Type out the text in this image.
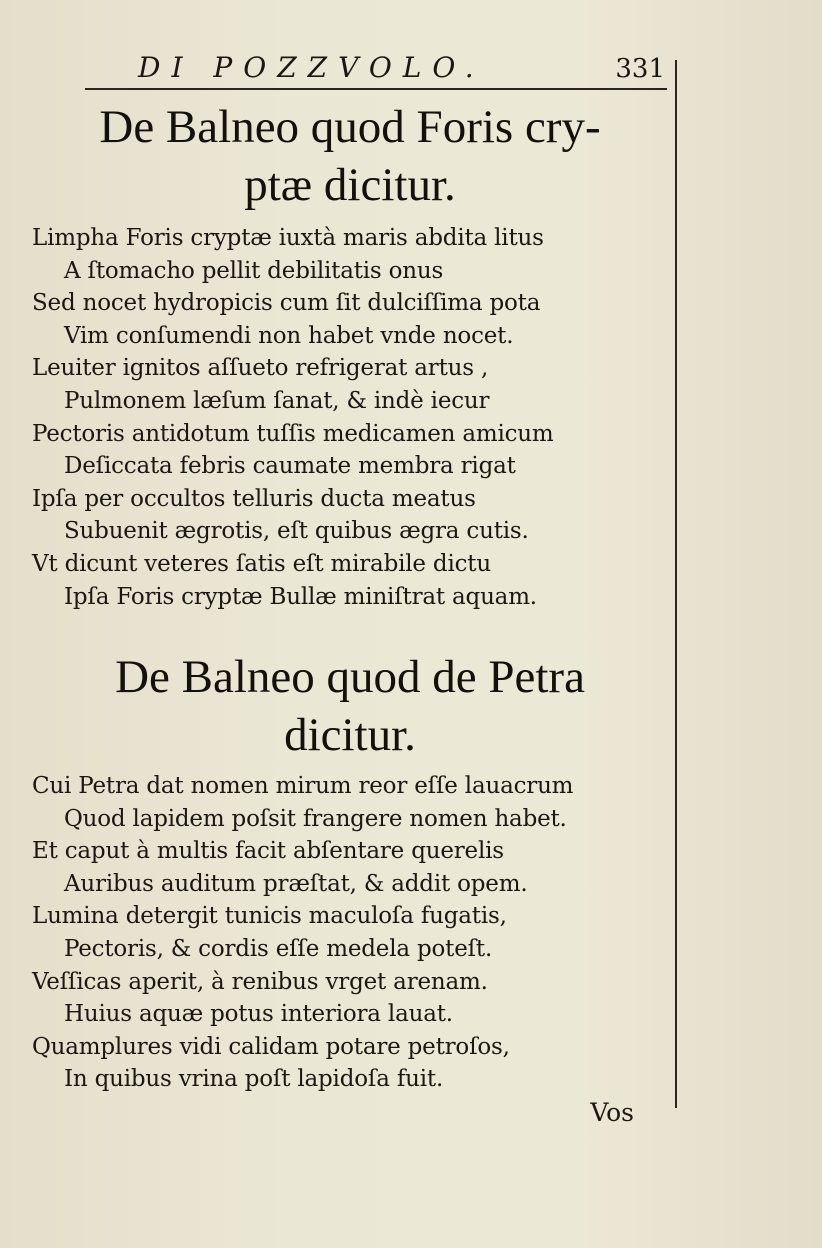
DI POZZVOLO.	331
De Balneo quod Foris cry-
ptæ dicitur.
Limpha Foris cryptæ iuxtà maris abdita litus
A ſtomacho pellit debilitatis onus
Sed nocet hydropicis cum ſit dulciſſima pota
Vim conſumendi non habet vnde nocet.
Leuiter ignitos aſſueto refrigerat artus ,
Pulmonem læſum ſanat, & indè iecur
Pectoris antidotum tuſſis medicamen amicum
Deſiccata febris caumate membra rigat
Ipſa per occultos telluris ducta meatus
Subuenit ægrotis, eſt quibus ægra cutis.
Vt dicunt veteres ſatis eſt mirabile dictu
Ipſa Foris cryptæ Bullæ miniſtrat aquam.
De Balneo quod de Petra
dicitur.
Cui Petra dat nomen mirum reor eſſe lauacrum
Quod lapidem poſsit frangere nomen habet.
Et caput à multis facit abſentare querelis
Auribus auditum præſtat, & addit opem.
Lumina detergit tunicis maculoſa fugatis,
Pectoris, & cordis eſſe medela poteſt.
Veſſicas aperit, à renibus vrget arenam.
Huius aquæ potus interiora lauat.
Quamplures vidi calidam potare petroſos,
In quibus vrina poſt lapidoſa fuit.
Vos
